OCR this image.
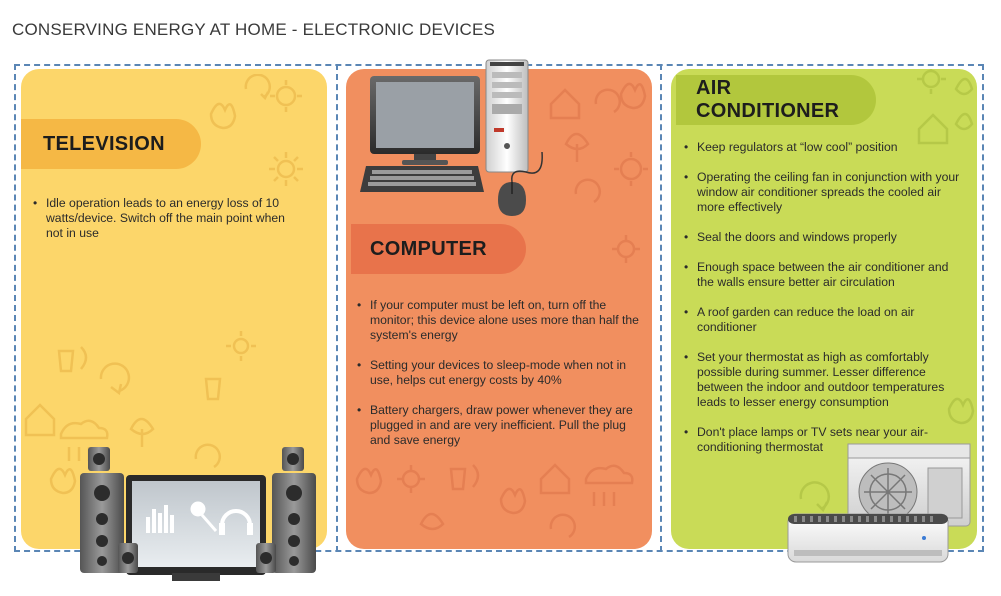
CONSERVING ENERGY AT HOME - ELECTRONIC DEVICES
TELEVISION
• Idle operation leads to an energy loss of 10 watts/device. Switch off the main point when not in use
COMPUTER
• If your computer must be left on, turn off the monitor; this device alone uses more than half the system's energy
• Setting your devices to sleep-mode when not in use, helps cut energy costs by 40%
• Battery chargers, draw power whenever they are plugged in and are very inefficient. Pull the plug and save energy
AIR CONDITIONER
• Keep regulators at “low cool” position
• Operating the ceiling fan in conjunction with your window air conditioner spreads the cooled air more effectively
• Seal the doors and windows properly
• Enough space between the air conditioner and the walls ensure better air circulation
• A roof garden can reduce the load on air conditioner
• Set your thermostat as high as comfortably possible during summer. Lesser difference between the indoor and outdoor temperatures leads to lesser energy consumption
• Don't place lamps or TV sets near your air-conditioning thermostat
